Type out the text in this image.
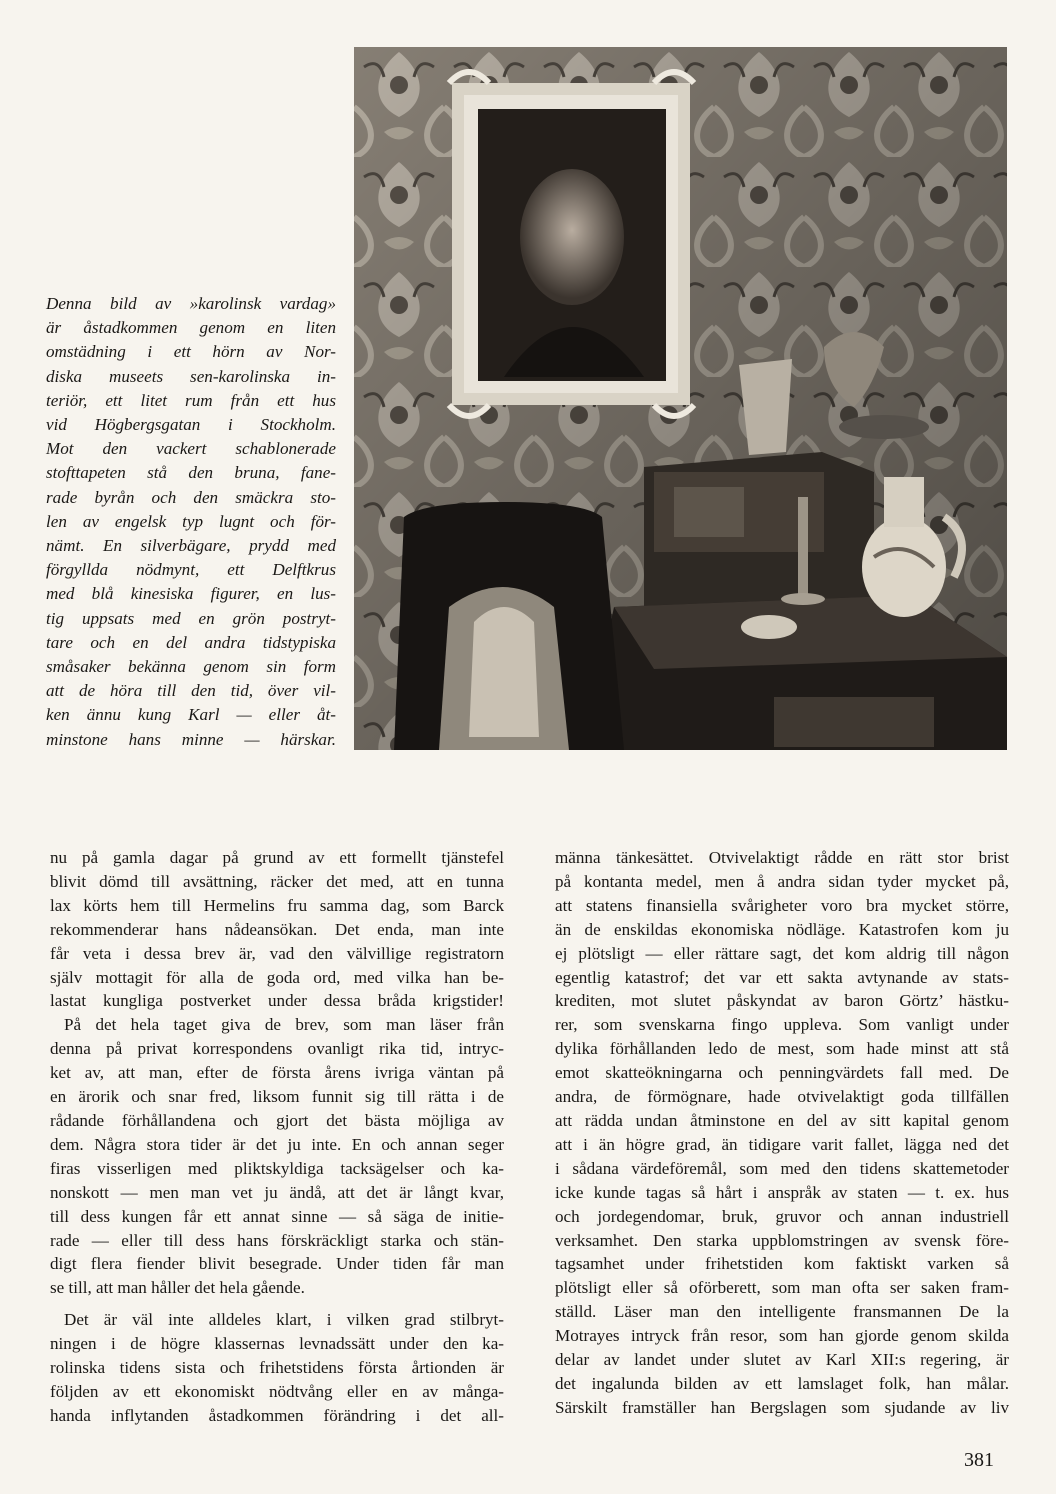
Denna bild av »karolinsk vardag»
är åstadkommen genom en liten
omstädning i ett hörn av Nor-
diska museets sen-karolinska in-
teriör, ett litet rum från ett hus
vid Högbergsgatan i Stockholm.
Mot den vackert schablonerade
stofttapeten stå den bruna, fane-
rade byrån och den smäckra sto-
len av engelsk typ lugnt och för-
nämt. En silverbägare, prydd med
förgyllda nödmynt, ett Delftkrus
med blå kinesiska figurer, en lus-
tig uppsats med en grön postryt-
tare och en del andra tidstypiska
småsaker bekänna genom sin form
att de höra till den tid, över vil-
ken ännu kung Karl — eller åt-
minstone hans minne — härskar.
nu på gamla dagar på grund av ett formellt tjänstefel
blivit dömd till avsättning, räcker det med, att en tunna
lax körts hem till Hermelins fru samma dag, som Barck
rekommenderar hans nådeansökan. Det enda, man inte
får veta i dessa brev är, vad den välvillige registratorn
själv mottagit för alla de goda ord, med vilka han be-
lastat kungliga postverket under dessa bråda krigstider!
På det hela taget giva de brev, som man läser från
denna på privat korrespondens ovanligt rika tid, intryc-
ket av, att man, efter de första årens ivriga väntan på
en ärorik och snar fred, liksom funnit sig till rätta i de
rådande förhållandena och gjort det bästa möjliga av
dem. Några stora tider är det ju inte. En och annan seger
firas visserligen med pliktskyldiga tacksägelser och ka-
nonskott — men man vet ju ändå, att det är långt kvar,
till dess kungen får ett annat sinne — så säga de initie-
rade — eller till dess hans förskräckligt starka och stän-
digt flera fiender blivit besegrade. Under tiden får man
se till, att man håller det hela gående.
Det är väl inte alldeles klart, i vilken grad stilbryt-
ningen i de högre klassernas levnadssätt under den ka-
rolinska tidens sista och frihetstidens första årtionden är
följden av ett ekonomiskt nödtvång eller en av många-
handa inflytanden åstadkommen förändring i det all-
männa tänkesättet. Otvivelaktigt rådde en rätt stor brist
på kontanta medel, men å andra sidan tyder mycket på,
att statens finansiella svårigheter voro bra mycket större,
än de enskildas ekonomiska nödläge. Katastrofen kom ju
ej plötsligt — eller rättare sagt, det kom aldrig till någon
egentlig katastrof; det var ett sakta avtynande av stats-
krediten, mot slutet påskyndat av baron Görtz’ hästku-
rer, som svenskarna fingo uppleva. Som vanligt under
dylika förhållanden ledo de mest, som hade minst att stå
emot skatteökningarna och penningvärdets fall med. De
andra, de förmögnare, hade otvivelaktigt goda tillfällen
att rädda undan åtminstone en del av sitt kapital genom
att i än högre grad, än tidigare varit fallet, lägga ned det
i sådana värdeföremål, som med den tidens skattemetoder
icke kunde tagas så hårt i anspråk av staten — t. ex. hus
och jordegendomar, bruk, gruvor och annan industriell
verksamhet. Den starka uppblomstringen av svensk före-
tagsamhet under frihetstiden kom faktiskt varken så
plötsligt eller så oförberett, som man ofta ser saken fram-
ställd. Läser man den intelligente fransmannen De la
Motrayes intryck från resor, som han gjorde genom skilda
delar av landet under slutet av Karl XII:s regering, är
det ingalunda bilden av ett lamslaget folk, han målar.
Särskilt framställer han Bergslagen som sjudande av liv
381
